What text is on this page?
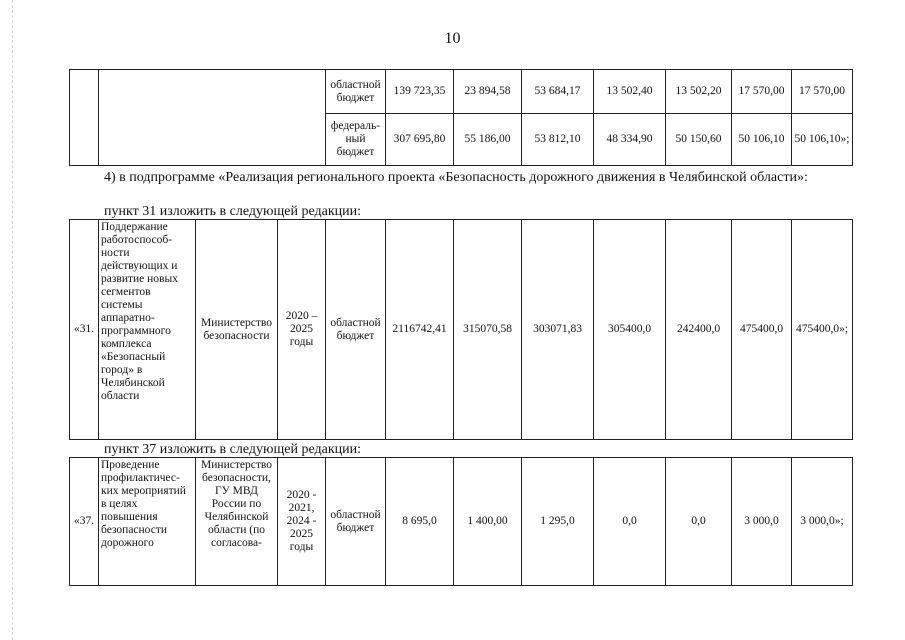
10
		областной бюджет	139 723,35	23 894,58	53 684,17	13 502,40	13 502,20	17 570,00	17 570,00
		федераль-ный бюджет	307 695,80	55 186,00	53 812,10	48 334,90	50 150,60	50 106,10	50 106,10»;
4) в подпрограмме «Реализация регионального проекта «Безопасность дорожного движения в Челябинской области»:
пункт 31 изложить в следующей редакции:
«31.	Поддержание работоспособ-ности действующих и развитие новых сегментов системы аппаратно-программного комплекса «Безопасный город» в Челябинской области	Министерство безопасности	2020 – 2025 годы	областной бюджет	2116742,41	315070,58	303071,83	305400,0	242400,0	475400,0	475400,0»;
пункт 37 изложить в следующей редакции:
«37.	Проведение профилактичес-ких мероприятий в целях повышения безопасности дорожного	Министерство безопасности, ГУ МВД России по Челябинской области (по согласова-	2020 - 2021, 2024 - 2025 годы	областной бюджет	8 695,0	1 400,00	1 295,0	0,0	0,0	3 000,0	3 000,0»;
